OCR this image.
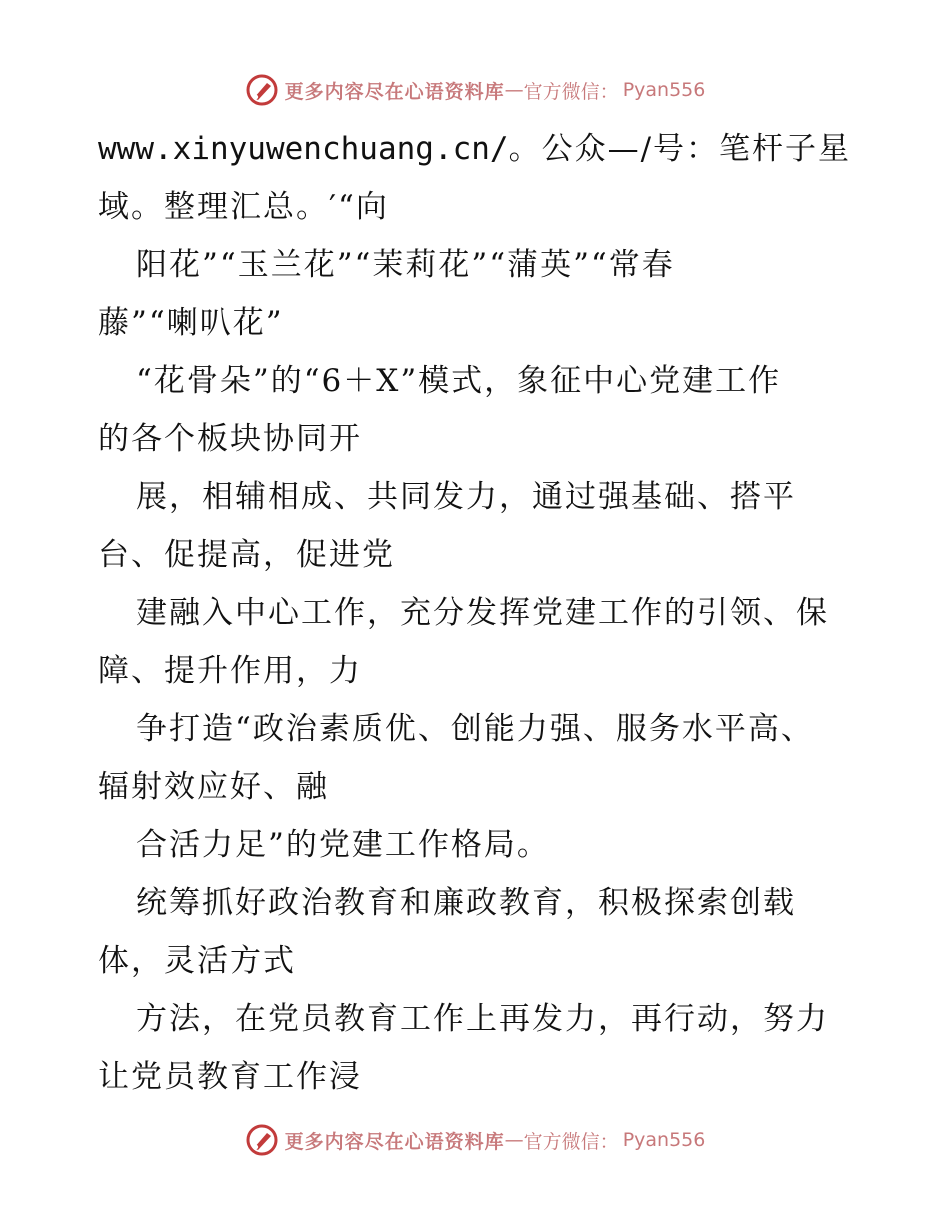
更多内容尽在心语资料库 — 官方微信： Pyan556
www.xinyuwenchuang.cn/。公众—/号：笔杆子星
域。整理汇总。′“向
阳花”“玉兰花”“茉莉花”“蒲英”“常春
藤”“喇叭花”
“花骨朵”的“6＋X”模式，象征中心党建工作
的各个板块协同开
展，相辅相成、共同发力，通过强基础、搭平
台、促提高，促进党
建融入中心工作，充分发挥党建工作的引领、保
障、提升作用，力
争打造“政治素质优、创能力强、服务水平高、
辐射效应好、融
合活力足”的党建工作格局。
统筹抓好政治教育和廉政教育，积极探索创载
体，灵活方式
方法，在党员教育工作上再发力，再行动，努力
让党员教育工作浸
更多内容尽在心语资料库 — 官方微信： Pyan556
